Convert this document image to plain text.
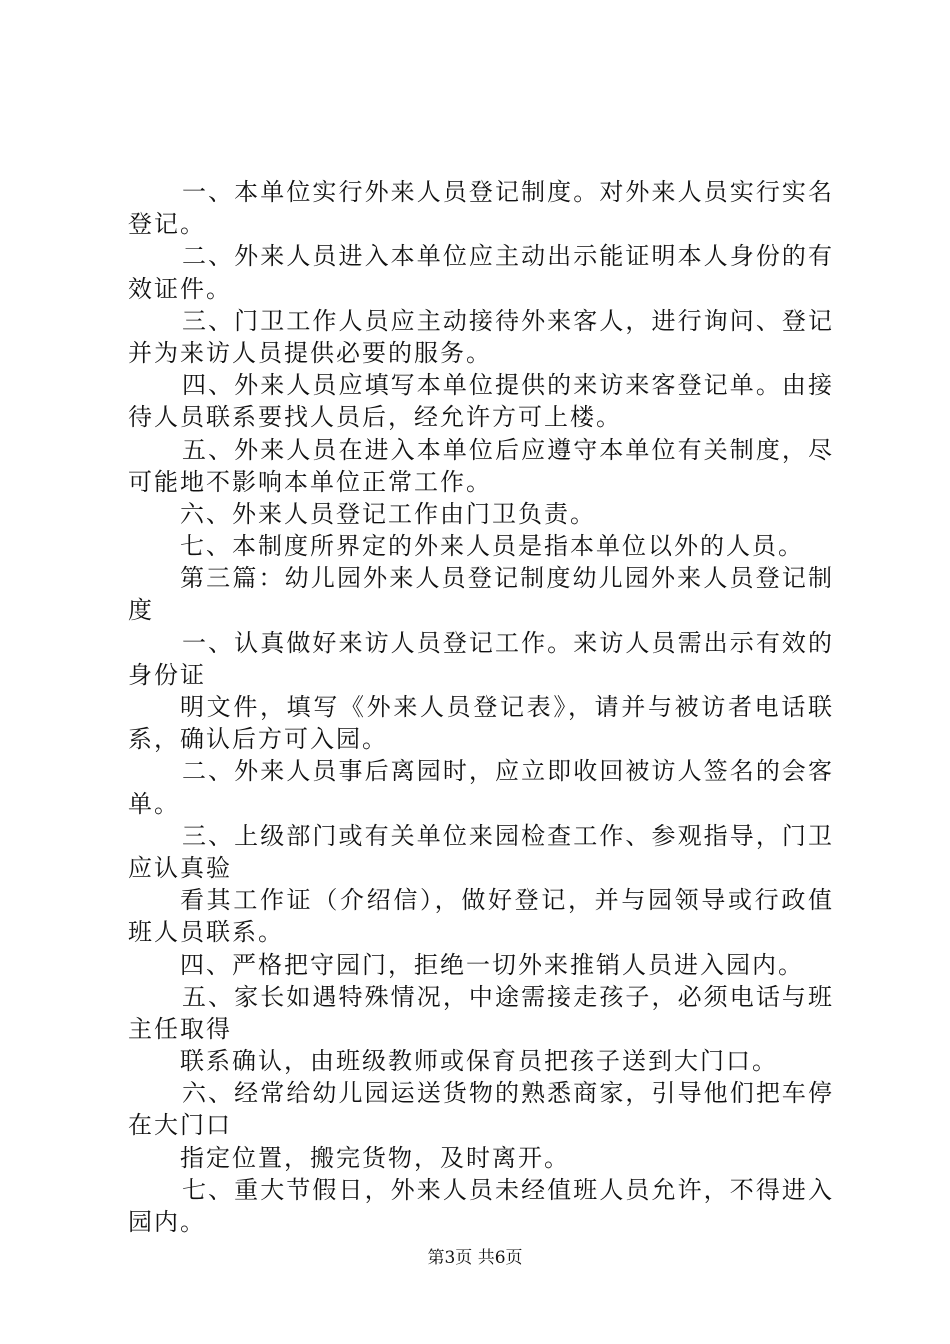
一、本单位实行外来人员登记制度。对外来人员实行实名
登记。
二、外来人员进入本单位应主动出示能证明本人身份的有
效证件。
三、门卫工作人员应主动接待外来客人，进行询问、登记
并为来访人员提供必要的服务。
四、外来人员应填写本单位提供的来访来客登记单。由接
待人员联系要找人员后，经允许方可上楼。
五、外来人员在进入本单位后应遵守本单位有关制度，尽
可能地不影响本单位正常工作。
六、外来人员登记工作由门卫负责。
七、本制度所界定的外来人员是指本单位以外的人员。
第三篇：幼儿园外来人员登记制度幼儿园外来人员登记制
度
一、认真做好来访人员登记工作。来访人员需出示有效的
身份证
明文件，填写《外来人员登记表》，请并与被访者电话联
系，确认后方可入园。
二、外来人员事后离园时，应立即收回被访人签名的会客
单。
三、上级部门或有关单位来园检查工作、参观指导，门卫
应认真验
看其工作证（介绍信），做好登记，并与园领导或行政值
班人员联系。
四、严格把守园门，拒绝一切外来推销人员进入园内。
五、家长如遇特殊情况，中途需接走孩子，必须电话与班
主任取得
联系确认，由班级教师或保育员把孩子送到大门口。
六、经常给幼儿园运送货物的熟悉商家，引导他们把车停
在大门口
指定位置，搬完货物，及时离开。
七、重大节假日，外来人员未经值班人员允许，不得进入
园内。
第3页 共6页
